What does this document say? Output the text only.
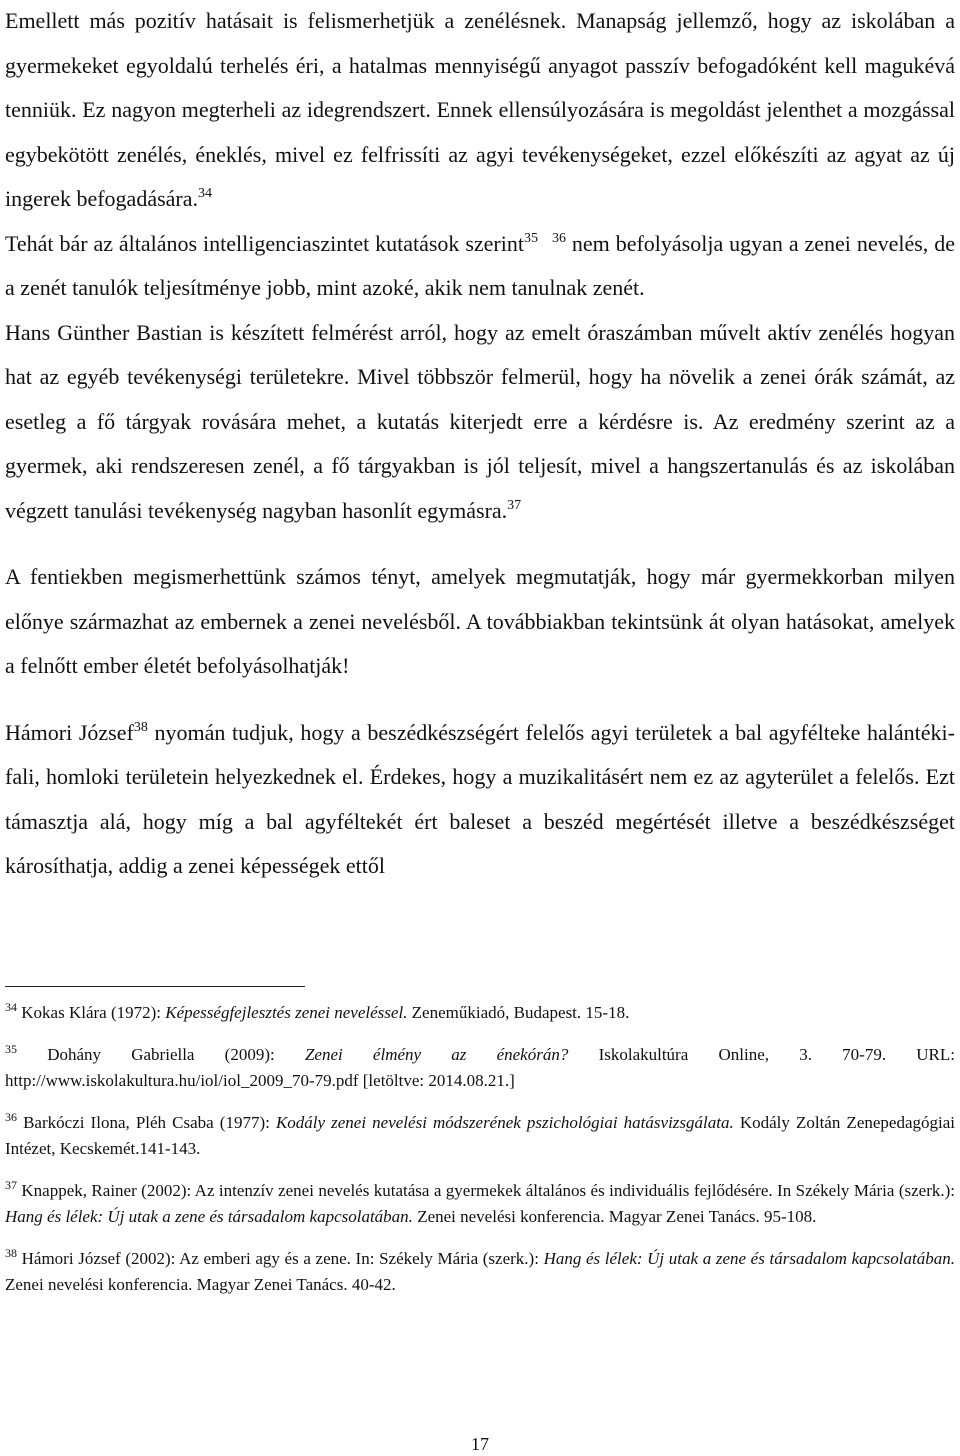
Emellett más pozitív hatásait is felismerhetjük a zenélésnek. Manapság jellemző, hogy az iskolában a gyermekeket egyoldalú terhelés éri, a hatalmas mennyiségű anyagot passzív befogadóként kell magukévá tenniük. Ez nagyon megterheli az idegrendszert. Ennek ellensúlyozására is megoldást jelenthet a mozgással egybekötött zenélés, éneklés, mivel ez felfrissíti az agyi tevékenységeket, ezzel előkészíti az agyat az új ingerek befogadására.$^{34}$

Tehát bár az általános intelligenciaszintet kutatások szerint$^{35}$ $^{36}$ nem befolyásolja ugyan a zenei nevelés, de a zenét tanulók teljesítménye jobb, mint azoké, akik nem tanulnak zenét.

Hans Günther Bastian is készített felmérést arról, hogy az emelt óraszámban művelt aktív zenélés hogyan hat az egyéb tevékenységi területekre. Mivel többször felmerül, hogy ha növelik a zenei órák számát, az esetleg a fő tárgyak rovására mehet, a kutatás kiterjedt erre a kérdésre is. Az eredmény szerint az a gyermek, aki rendszeresen zenél, a fő tárgyakban is jól teljesít, mivel a hangszertanulás és az iskolában végzett tanulási tevékenység nagyban hasonlít egymásra.$^{37}$

A fentiekben megismerhettünk számos tényt, amelyek megmutatják, hogy már gyermekkorban milyen előnye származhat az embernek a zenei nevelésből. A továbbiakban tekintsünk át olyan hatásokat, amelyek a felnőtt ember életét befolyásolhatják!

Hámori József$^{38}$ nyomán tudjuk, hogy a beszédkészségért felelős agyi területek a bal agyfélteke halántéki-fali, homloki területein helyezkednek el. Érdekes, hogy a muzikalitásért nem ez az agyterület a felelős. Ezt támasztja alá, hogy míg a bal agyféltekét ért baleset a beszéd megértését illetve a beszédkészséget károsíthatja, addig a zenei képességek ettől

$^{34}$ Kokas Klára (1972): Képességfejlesztés zenei neveléssel. Zeneműkiadó, Budapest. 15-18.

$^{35}$ Dohány Gabriella (2009): Zenei élmény az énekórán? Iskolakultúra Online, 3. 70-79. URL: http://www.iskolakultura.hu/iol/iol_2009_70-79.pdf [letöltve: 2014.08.21.]

$^{36}$ Barkóczi Ilona, Pléh Csaba (1977): Kodály zenei nevelési módszerének pszichológiai hatásvizsgálata. Kodály Zoltán Zenepedagógiai Intézet, Kecskemét.141-143.

$^{37}$ Knappek, Rainer (2002): Az intenzív zenei nevelés kutatása a gyermekek általános és individuális fejlődésére. In Székely Mária (szerk.): Hang és lélek: Új utak a zene és társadalom kapcsolatában. Zenei nevelési konferencia. Magyar Zenei Tanács. 95-108.

$^{38}$ Hámori József (2002): Az emberi agy és a zene. In: Székely Mária (szerk.): Hang és lélek: Új utak a zene és társadalom kapcsolatában. Zenei nevelési konferencia. Magyar Zenei Tanács. 40-42.

17
